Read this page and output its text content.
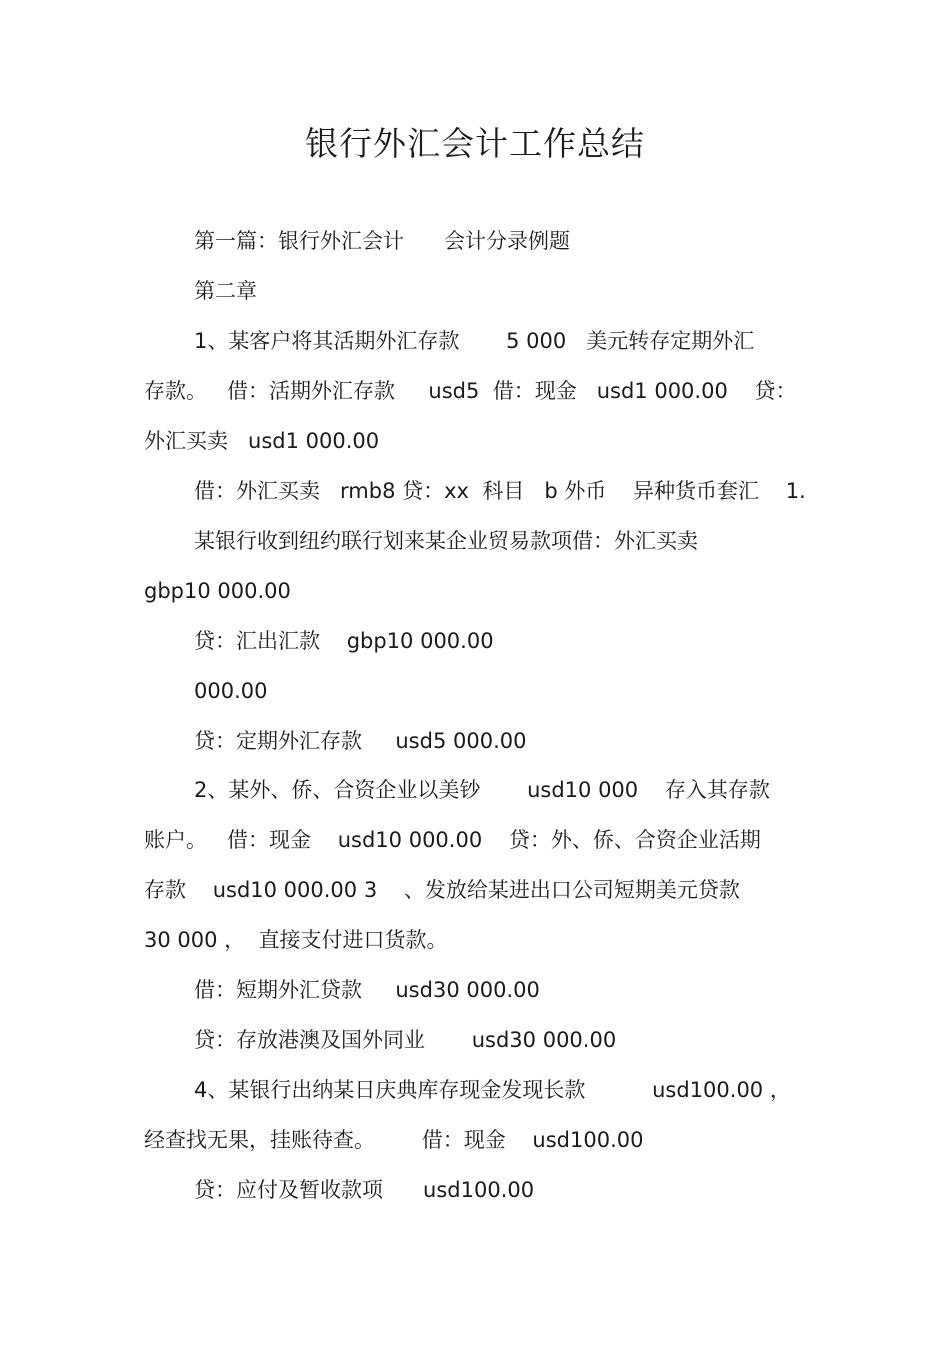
银行外汇会计工作总结
第一篇：银行外汇会计      会计分录例题
第二章
1、某客户将其活期外汇存款       5 000   美元转存定期外汇
存款。   借：活期外汇存款     usd5  借：现金   usd1 000.00    贷：
外汇买卖   usd1 000.00
借：外汇买卖   rmb8 贷：xx  科目   b 外币    异种货币套汇    1.
某银行收到纽约联行划来某企业贸易款项借：外汇买卖
gbp10 000.00
贷：汇出汇款    gbp10 000.00
000.00
贷：定期外汇存款     usd5 000.00
2、某外、侨、合资企业以美钞       usd10 000    存入其存款
账户。   借：现金    usd10 000.00    贷：外、侨、合资企业活期
存款    usd10 000.00 3    、发放给某进出口公司短期美元贷款
30 000 ，  直接支付进口货款。
借：短期外汇贷款     usd30 000.00
贷：存放港澳及国外同业       usd30 000.00
4、某银行出纳某日庆典库存现金发现长款          usd100.00 ，
经查找无果，挂账待查。       借：现金    usd100.00
贷：应付及暂收款项      usd100.00
